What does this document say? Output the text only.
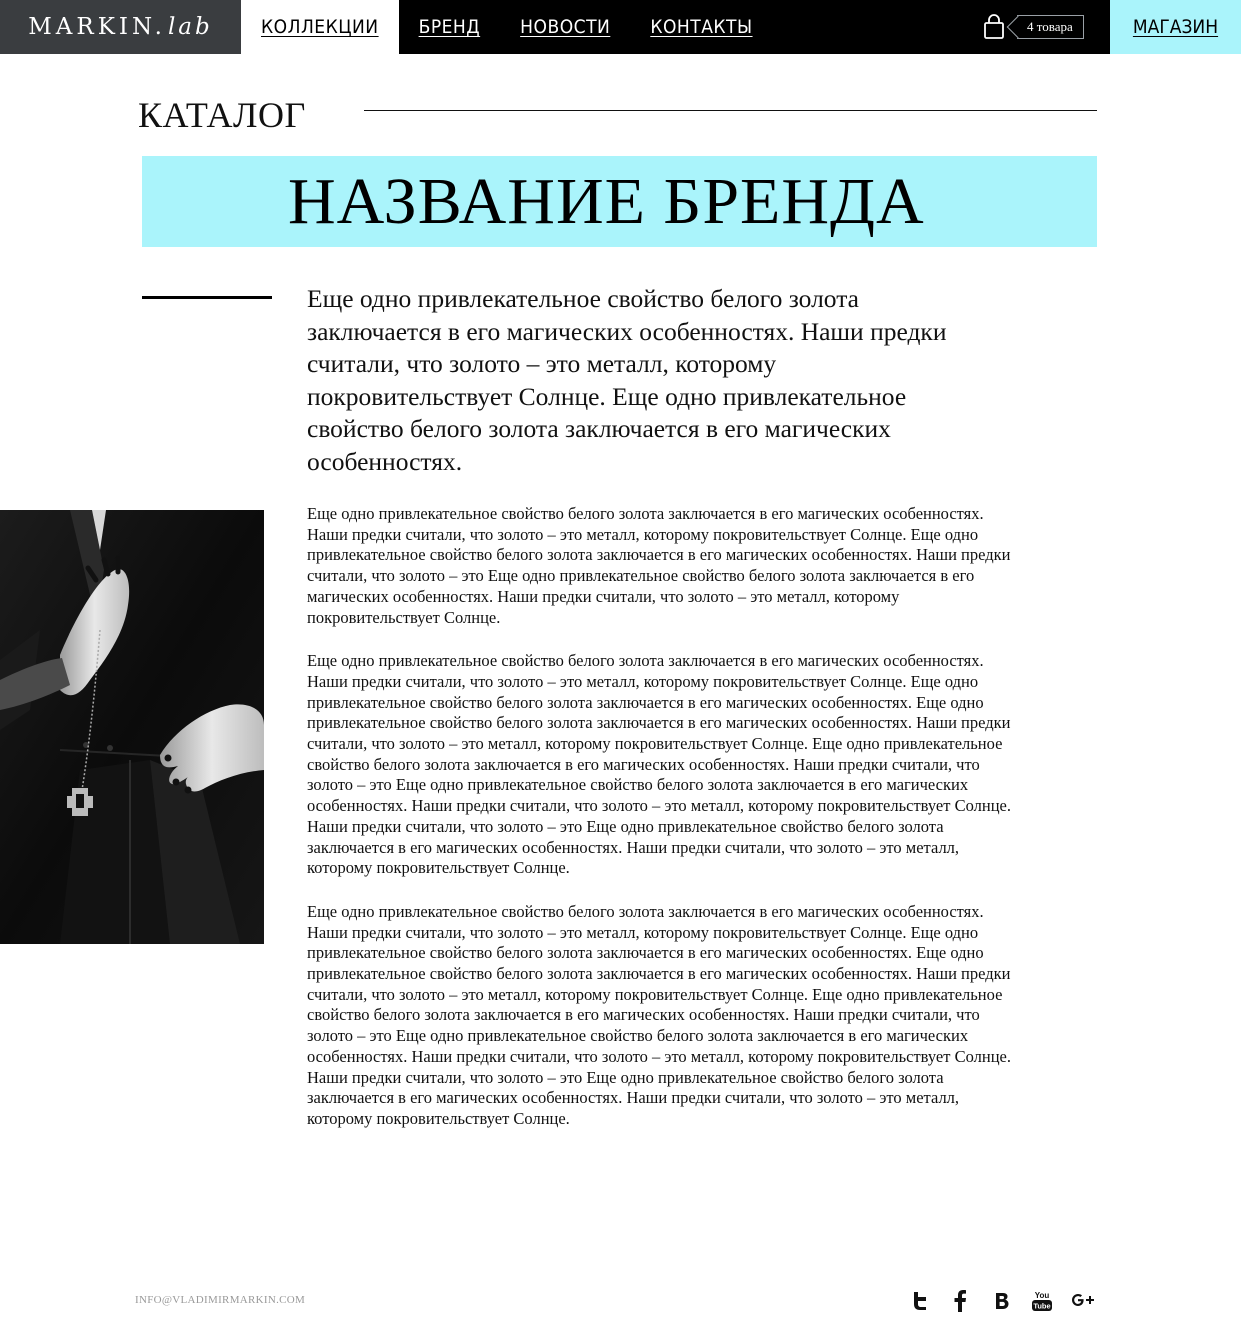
MARKIN. lab	КОЛЛЕКЦИИ	БРЕНД	НОВОСТИ	КОНТАКТЫ	4 товара	МАГАЗИН
КАТАЛОГ
НАЗВАНИЕ БРЕНДА
Еще одно привлекательное свойство белого золота заключается в его магических особенностях. Наши предки считали, что золото – это металл, которому покровительствует Солнце. Еще одно привлекательное свойство белого золота заключается в его магических особенностях.

Еще одно привлекательное свойство белого золота заключается в его магических особенностях. Наши предки считали, что золото – это металл, которому покровительствует Солнце. Еще одно привлекательное свойство белого золота заключается в его магических особенностях. Наши предки считали, что золото – это Еще одно привлекательное свойство белого золота заключается в его магических особенностях. Наши предки считали, что золото – это металл, которому покровительствует Солнце.

Еще одно привлекательное свойство белого золота заключается в его магических особенностях. Наши предки считали, что золото – это металл, которому покровительствует Солнце. Еще одно привлекательное свойство белого золота заключается в его магических особенностях. Еще одно привлекательное свойство белого золота заключается в его магических особенностях. Наши предки считали, что золото – это металл, которому покровительствует Солнце. Еще одно привлекательное свойство белого золота заключается в его магических особенностях. Наши предки считали, что золото – это Еще одно привлекательное свойство белого золота заключается в его магических особенностях. Наши предки считали, что золото – это металл, которому покровительствует Солнце. Наши предки считали, что золото – это Еще одно привлекательное свойство белого золота заключается в его магических особенностях. Наши предки считали, что золото – это металл, которому покровительствует Солнце.

Еще одно привлекательное свойство белого золота заключается в его магических особенностях. Наши предки считали, что золото – это металл, которому покровительствует Солнце. Еще одно привлекательное свойство белого золота заключается в его магических особенностях. Еще одно привлекательное свойство белого золота заключается в его магических особенностях. Наши предки считали, что золото – это металл, которому покровительствует Солнце. Еще одно привлекательное свойство белого золота заключается в его магических особенностях. Наши предки считали, что золото – это Еще одно привлекательное свойство белого золота заключается в его магических особенностях. Наши предки считали, что золото – это металл, которому покровительствует Солнце. Наши предки считали, что золото – это Еще одно привлекательное свойство белого золота заключается в его магических особенностях. Наши предки считали, что золото – это металл, которому покровительствует Солнце.

INFO@VLADIMIRMARKIN.COM	You
Tube
